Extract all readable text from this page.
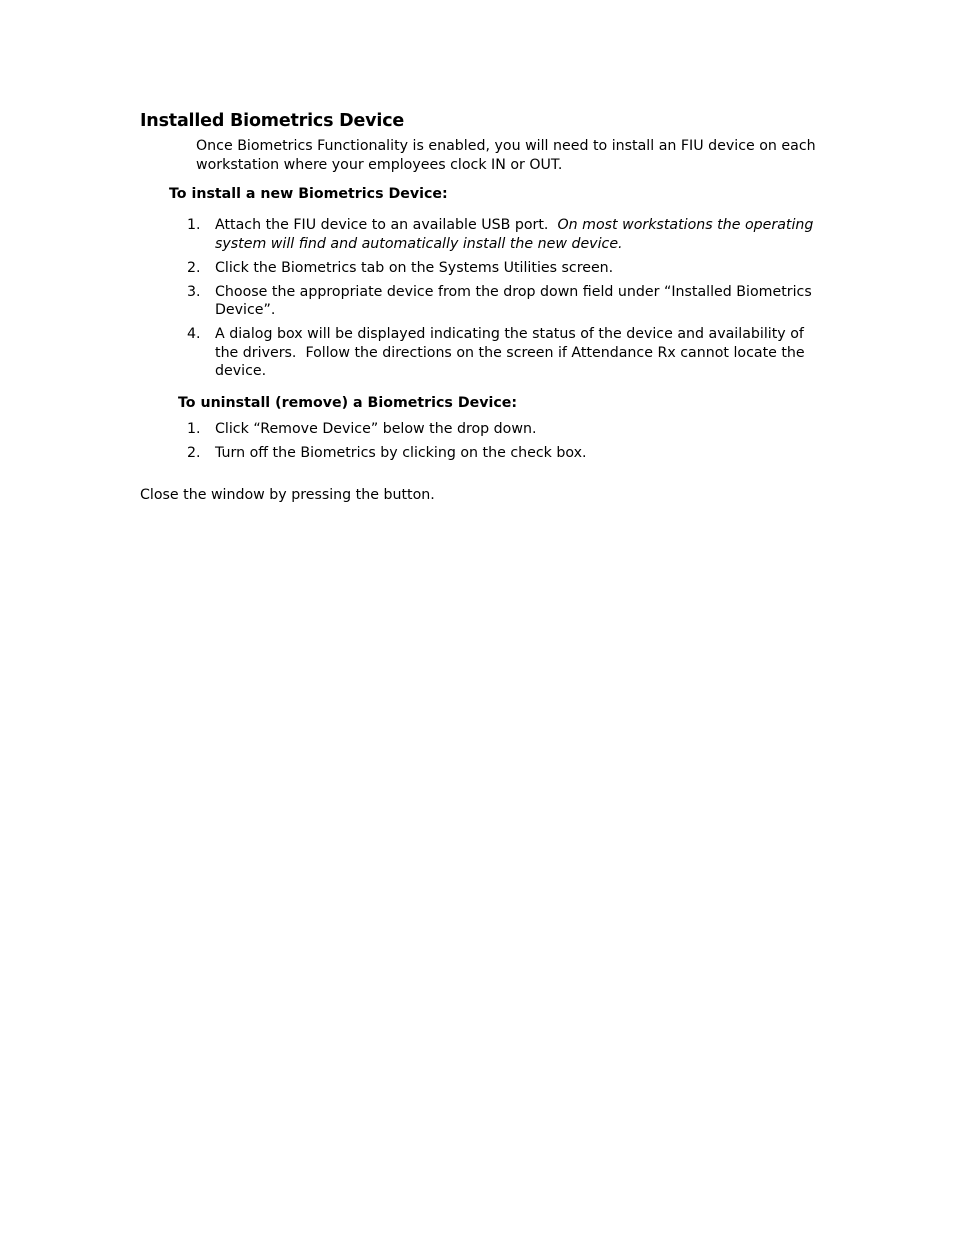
Installed Biometrics Device
Once Biometrics Functionality is enabled, you will need to install an FIU device on each workstation where your employees clock IN or OUT.
To install a new Biometrics Device:
1.	Attach the FIU device to an available USB port.  On most workstations the operating system will find and automatically install the new device.
2.	Click the Biometrics tab on the Systems Utilities screen.
3.	Choose the appropriate device from the drop down field under “Installed Biometrics Device”.
4.	A dialog box will be displayed indicating the status of the device and availability of the drivers.  Follow the directions on the screen if Attendance Rx cannot locate the device.
To uninstall (remove) a Biometrics Device:
1.	Click “Remove Device” below the drop down.
2.	Turn off the Biometrics by clicking on the check box.
Close the window by pressing the button.
